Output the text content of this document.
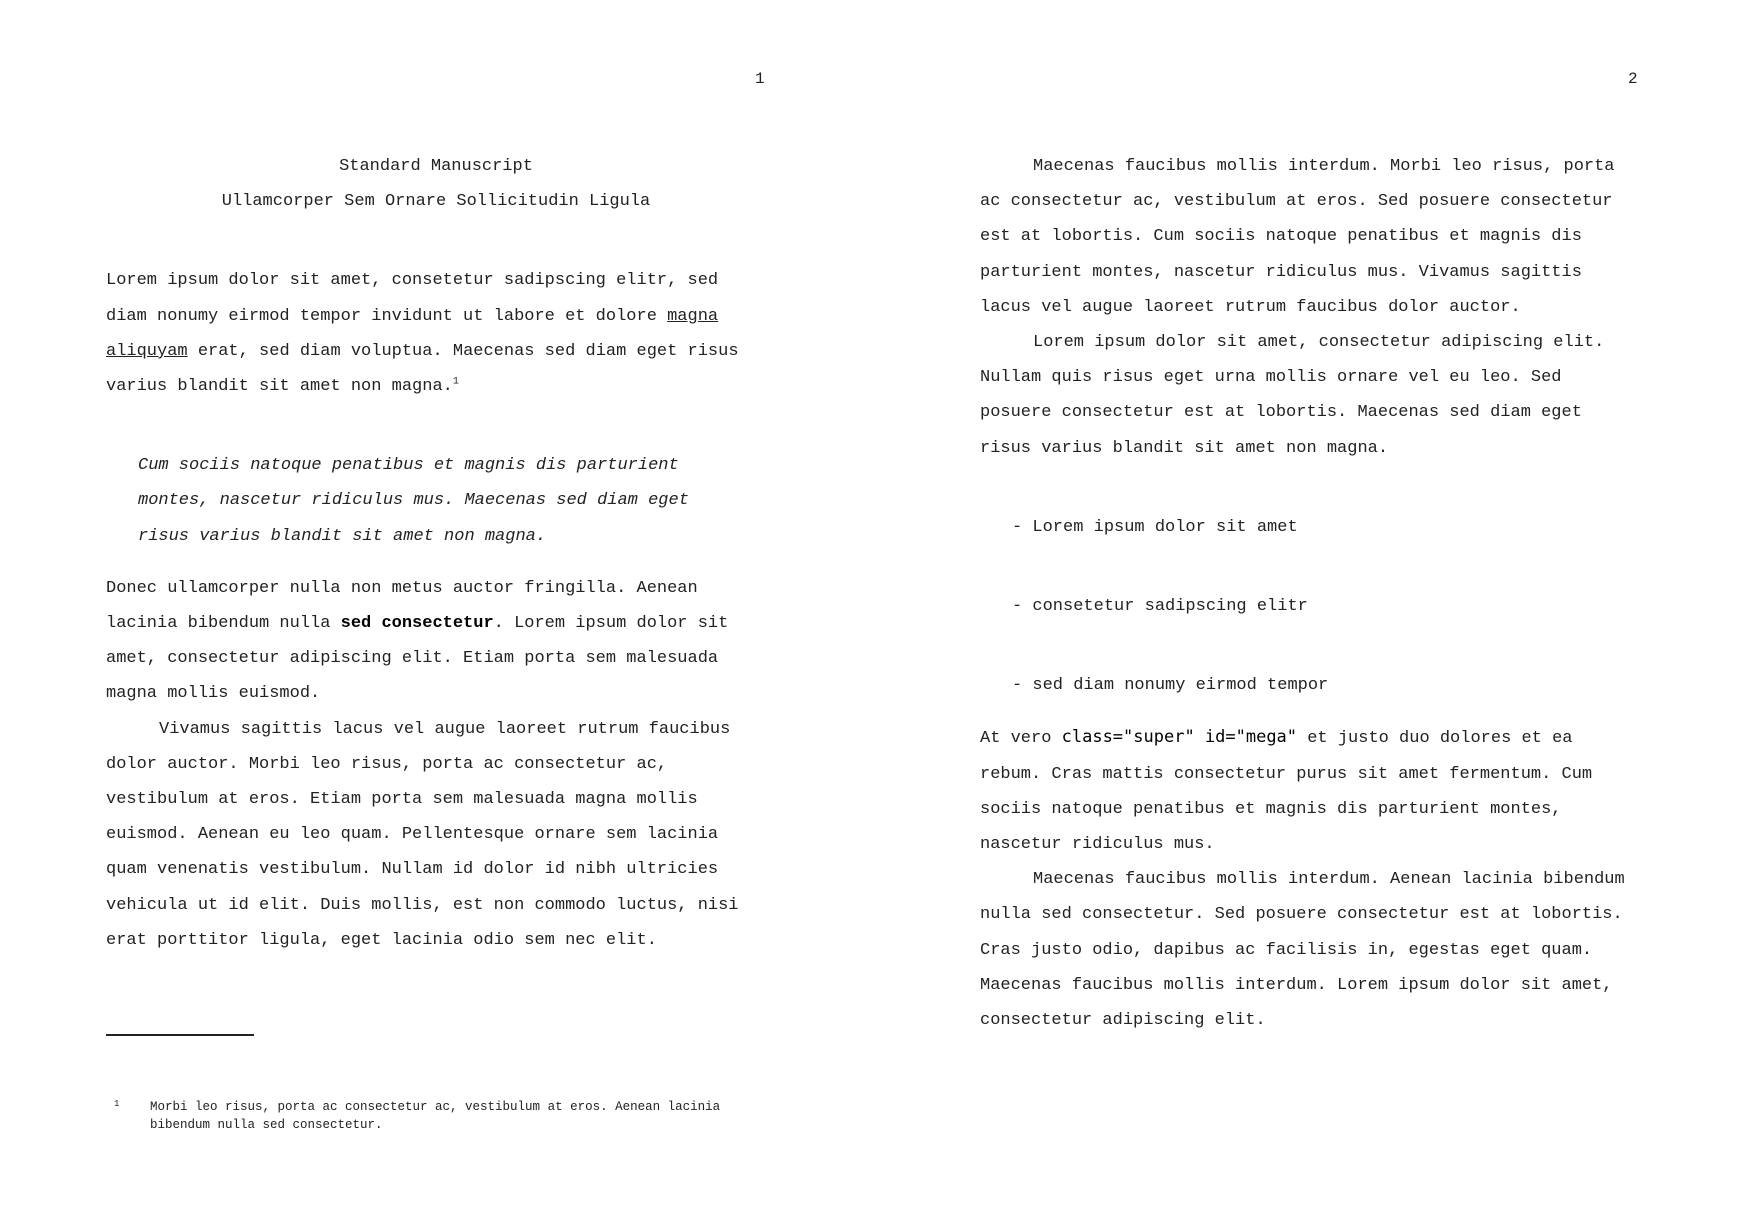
1

Standard Manuscript

Ullamcorper Sem Ornare Sollicitudin Ligula

Lorem ipsum dolor sit amet, consetetur sadipscing elitr, sed diam nonumy eirmod tempor invidunt ut labore et dolore magna aliquyam erat, sed diam voluptua. Maecenas sed diam eget risus varius blandit sit amet non magna.$^1$

Cum sociis natoque penatibus et magnis dis parturient montes, nascetur ridiculus mus. Maecenas sed diam eget risus varius blandit sit amet non magna.

Donec ullamcorper nulla non metus auctor fringilla. Aenean lacinia bibendum nulla sed consectetur. Lorem ipsum dolor sit amet, consectetur adipiscing elit. Etiam porta sem malesuada magna mollis euismod.

Vivamus sagittis lacus vel augue laoreet rutrum faucibus dolor auctor. Morbi leo risus, porta ac consectetur ac, vestibulum at eros. Etiam porta sem malesuada magna mollis euismod. Aenean eu leo quam. Pellentesque ornare sem lacinia quam venenatis vestibulum. Nullam id dolor id nibh ultricies vehicula ut id elit. Duis mollis, est non commodo luctus, nisi erat porttitor ligula, eget lacinia odio sem nec elit.

1	Morbi leo risus, porta ac consectetur ac, vestibulum at eros. Aenean lacinia bibendum nulla sed consectetur.
2

Maecenas faucibus mollis interdum. Morbi leo risus, porta ac consectetur ac, vestibulum at eros. Sed posuere consectetur est at lobortis. Cum sociis natoque penatibus et magnis dis parturient montes, nascetur ridiculus mus. Vivamus sagittis lacus vel augue laoreet rutrum faucibus dolor auctor.

Lorem ipsum dolor sit amet, consectetur adipiscing elit. Nullam quis risus eget urna mollis ornare vel eu leo. Sed posuere consectetur est at lobortis. Maecenas sed diam eget risus varius blandit sit amet non magna.

- Lorem ipsum dolor sit amet
- consetetur sadipscing elitr
- sed diam nonumy eirmod tempor

At vero class="super" id="mega" et justo duo dolores et ea rebum. Cras mattis consectetur purus sit amet fermentum. Cum sociis natoque penatibus et magnis dis parturient montes, nascetur ridiculus mus.

Maecenas faucibus mollis interdum. Aenean lacinia bibendum nulla sed consectetur. Sed posuere consectetur est at lobortis. Cras justo odio, dapibus ac facilisis in, egestas eget quam. Maecenas faucibus mollis interdum. Lorem ipsum dolor sit amet, consectetur adipiscing elit.
